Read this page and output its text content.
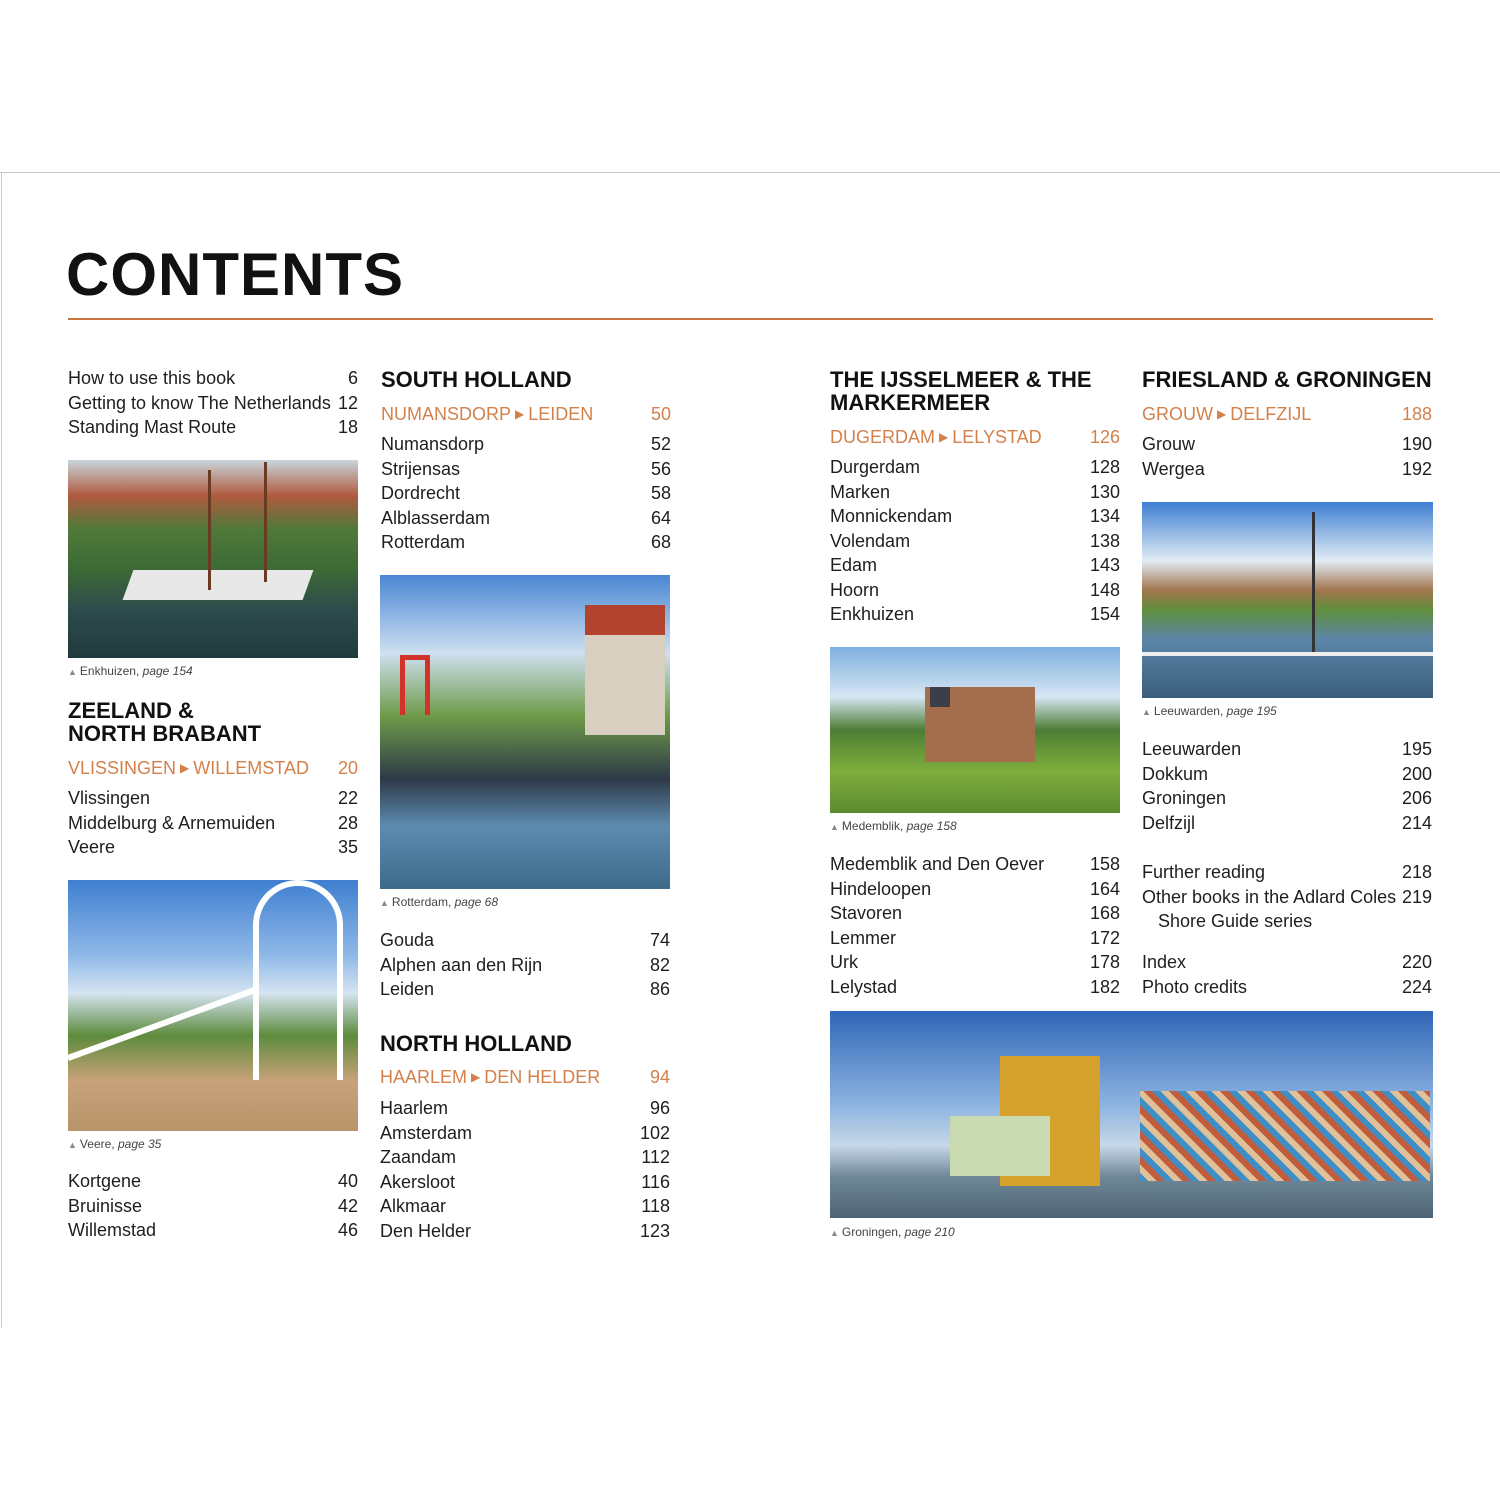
CONTENTS
How to use this book	6
Getting to know The Netherlands 12
Standing Mast Route	18
▲ Enkhuizen, page 154
ZEELAND &
NORTH BRABANT
VLISSINGEN ▶ WILLEMSTAD 20
Vlissingen	22
Middelburg & Arnemuiden	28
Veere	35
▲ Veere, page 35
Kortgene	40
Bruinisse	42
Willemstad	46
SOUTH HOLLAND
NUMANSDORP ▶ LEIDEN	50
Numansdorp	52
Strijensas	56
Dordrecht	58
Alblasserdam	64
Rotterdam	68
▲ Rotterdam, page 68
Gouda	74
Alphen aan den Rijn	82
Leiden	86
NORTH HOLLAND
HAARLEM ▶ DEN HELDER	94
Haarlem	96
Amsterdam	102
Zaandam	112
Akersloot	116
Alkmaar	118
Den Helder	123
THE IJSSELMEER & THE
MARKERMEER
DUGERDAM ▶ LELYSTAD	126
Durgerdam	128
Marken	130
Monnickendam	134
Volendam	138
Edam	143
Hoorn	148
Enkhuizen	154
▲ Medemblik, page 158
Medemblik and Den Oever	158
Hindeloopen	164
Stavoren	168
Lemmer	172
Urk	178
Lelystad	182
▲ Groningen, page 210
FRIESLAND & GRONINGEN
GROUW ▶ DELFZIJL	188
Grouw	190
Wergea	192
▲ Leeuwarden, page 195
Leeuwarden	195
Dokkum	200
Groningen	206
Delfzijl	214
Further reading	218
Other books in the Adlard Coles 219
Shore Guide series
Index	220
Photo credits	224
